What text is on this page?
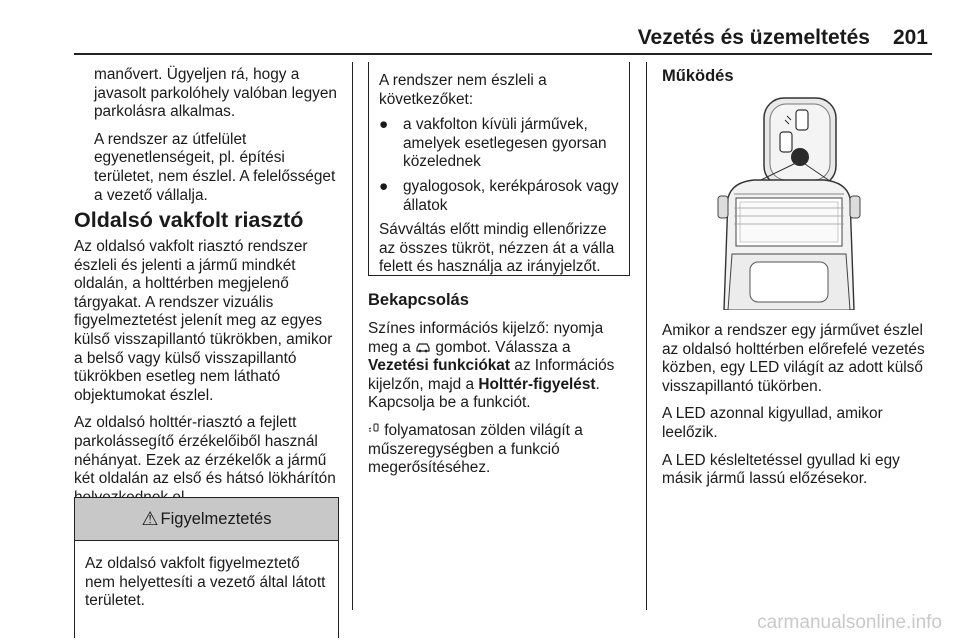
Vezetés és üzemeltetés 201

manővert. Ügyeljen rá, hogy a javasolt parkolóhely valóban legyen parkolásra alkalmas.

A rendszer az útfelület egyenetlenségeit, pl. építési területet, nem észlel. A felelősséget a vezető vállalja.

Oldalsó vakfolt riasztó

Az oldalsó vakfolt riasztó rendszer észleli és jelenti a jármű mindkét oldalán, a holttérben megjelenő tárgyakat. A rendszer vizuális figyelmeztetést jelenít meg az egyes külső visszapillantó tükrökben, amikor a belső vagy külső visszapillantó tükrökben esetleg nem látható objektumokat észlel.

Az oldalsó holttér-riasztó a fejlett parkolássegítő érzékelőiből használ néhányat. Ezek az érzékelők a jármű két oldalán az első és hátsó lökhárítón

⚠ Figyelmeztetés
Az oldalsó vakfolt figyelmeztető nem helyettesíti a vezető által látott területet.

A rendszer nem észleli a következőket:

● a vakfolton kívüli járművek, amelyek esetlegesen gyorsan közelednek
● gyalogosok, kerékpárosok vagy állatok

Sávváltás előtt mindig ellenőrizze az összes tükröt, nézzen át a vállа felett és használja az irányjelzőt.

Bekapcsolás

Színes információs kijelző: nyomja meg a gombot. Válassza a Vezetési funkciókat az Információs kijelzőn, majd a Holttér-figyelést. Kapcsolja be a funkciót.

folyamatosan zölden világít a műszeregységben a funkció megerősítéséhez.

Működés

Amikor a rendszer egy járművet észlel az oldalsó holttérben előrefelé vezetés közben, egy LED világít az adott külső visszapillantó tükörben.

A LED azonnal kigyullad, amikor leelőzik.

A LED késleltetéssel gyullad ki egy másik jármű lassú előzésekor.

carmanualsonline.info
